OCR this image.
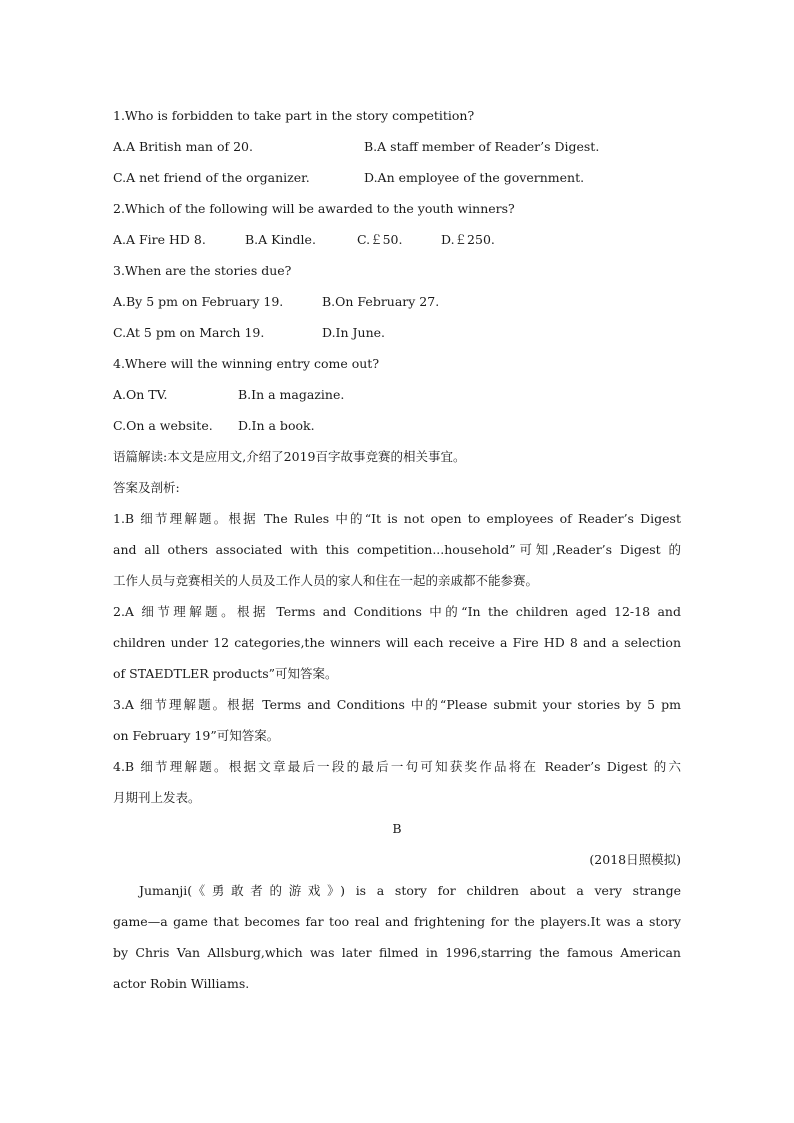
1.Who is forbidden to take part in the story competition?
A.A British man of 20.	B.A staff member of Reader’s Digest.
C.A net friend of the organizer.	D.An employee of the government.
2.Which of the following will be awarded to the youth winners?
A.A Fire HD 8.	B.A Kindle.	C.￡50.	D.￡250.
3.When are the stories due?
A.By 5 pm on February 19.	B.On February 27.
C.At 5 pm on March 19.	D.In June.
4.Where will the winning entry come out?
A.On TV.	B.In a magazine.
C.On a website. D.In a book.
语篇解读:本文是应用文,介绍了2019百字故事竞赛的相关事宜。
答案及剖析:
1.B 细节理解题。根据 The Rules 中的“It is not open to employees of Reader’s Digest
and all others associated with this competition...household”可知,Reader’s Digest 的
工作人员与竞赛相关的人员及工作人员的家人和住在一起的亲戚都不能参赛。
2.A 细节理解题。根据 Terms and Conditions 中的“In the children aged 12-18 and
children under 12 categories,the winners will each receive a Fire HD 8 and a selection
of STAEDTLER products”可知答案。
3.A 细节理解题。根据 Terms and Conditions 中的“Please submit your stories by 5 pm
on February 19”可知答案。
4.B 细节理解题。根据文章最后一段的最后一句可知获奖作品将在 Reader’s Digest 的六
月期刊上发表。
B
(2018日照模拟)
Jumanji(《勇敢者的游戏》) is a story for children about a very strange
game—a game that becomes far too real and frightening for the players.It was a story
by Chris Van Allsburg,which was later filmed in 1996,starring the famous American
actor Robin Williams.
